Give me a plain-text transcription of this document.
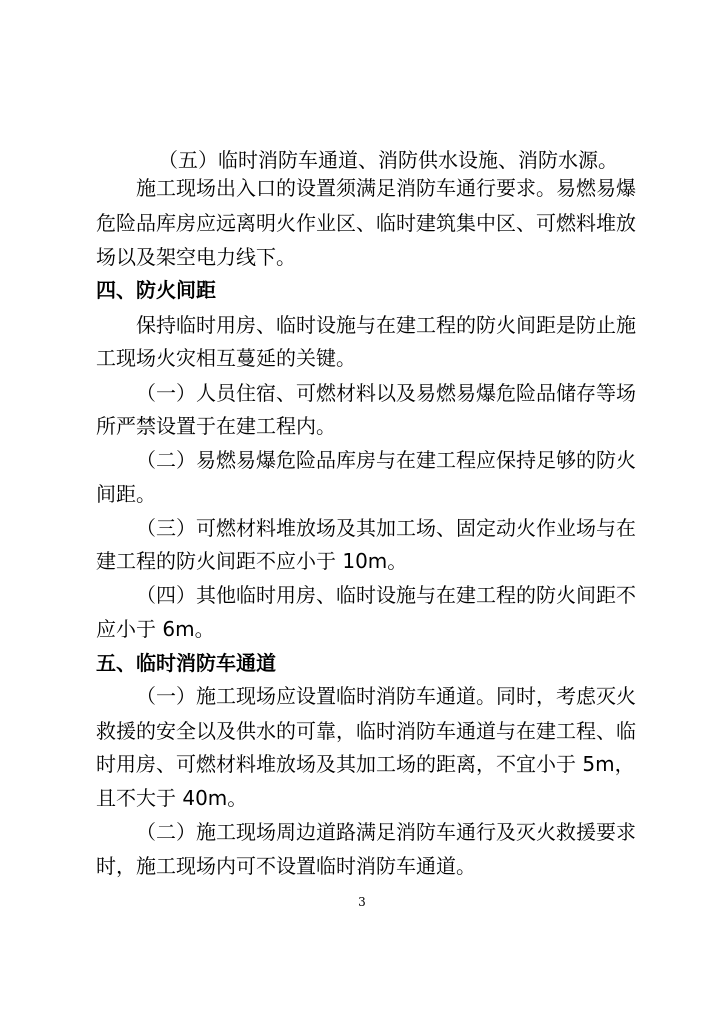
（五）临时消防车通道、消防供水设施、消防水源。
施工现场出入口的设置须满足消防车通行要求。易燃易爆
危险品库房应远离明火作业区、临时建筑集中区、可燃料堆放
场以及架空电力线下。
四、防火间距
保持临时用房、临时设施与在建工程的防火间距是防止施
工现场火灾相互蔓延的关键。
（一）人员住宿、可燃材料以及易燃易爆危险品储存等场
所严禁设置于在建工程内。
（二）易燃易爆危险品库房与在建工程应保持足够的防火
间距。
（三）可燃材料堆放场及其加工场、固定动火作业场与在
建工程的防火间距不应小于 10m。
（四）其他临时用房、临时设施与在建工程的防火间距不
应小于 6m。
五、临时消防车通道
（一）施工现场应设置临时消防车通道。同时，考虑灭火
救援的安全以及供水的可靠，临时消防车通道与在建工程、临
时用房、可燃材料堆放场及其加工场的距离，不宜小于 5m，
且不大于 40m。
（二）施工现场周边道路满足消防车通行及灭火救援要求
时，施工现场内可不设置临时消防车通道。
3
